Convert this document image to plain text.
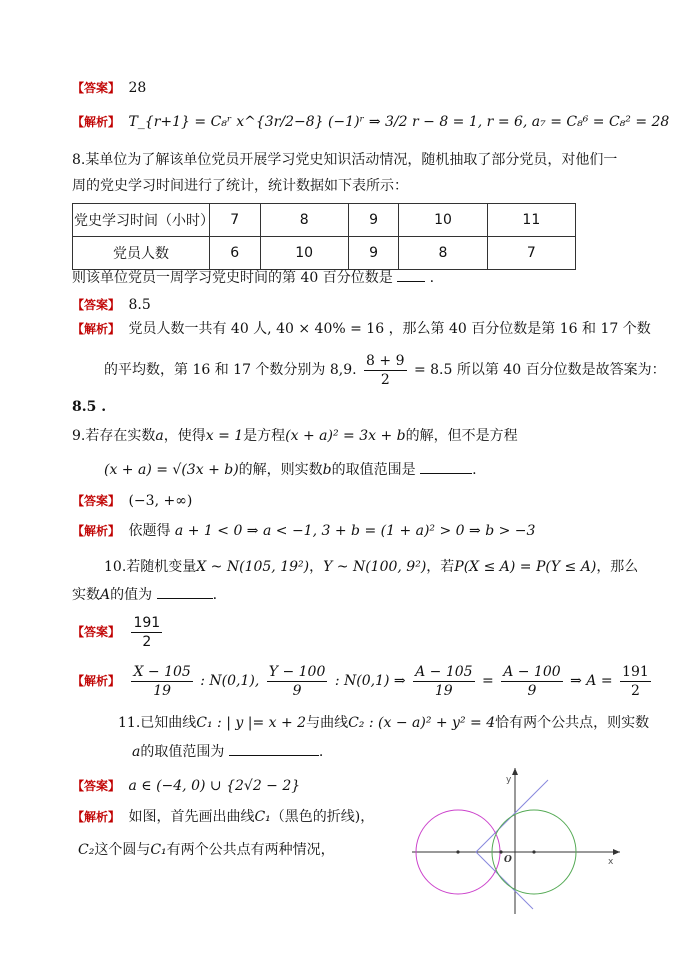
【答案】 28
【解析】 T_{r+1} = C₈ʳ x^{3r/2−8} (−1)ʳ ⇒ 3/2 r − 8 = 1, r = 6, a₇ = C₈⁶ = C₈² = 28
8.某单位为了解该单位党员开展学习党史知识活动情况，随机抽取了部分党员，对他们一
周的党史学习时间进行了统计，统计数据如下表所示：
党史学习时间（小时）	7	8	9	10	11
党员人数	6	10	9	8	7
则该单位党员一周学习党史时间的第 40 百分位数是	.
【答案】 8.5
【解析】 党员人数一共有 40 人, 40 × 40% = 16 ，那么第 40 百分位数是第 16 和 17 个数
的平均数，第 16 和 17 个数分别为 8,9. $\frac{8 + 9}{2} = 8.5$ 所以第 40 百分位数是故答案为：
8.5 .
9.若存在实数a，使得x = 1是方程(x + a)² = 3x + b的解，但不是方程
(x + a) = √(3x + b)的解，则实数b的取值范围是	.
【答案】 (−3, +∞)
【解析】 依题得 a + 1 < 0 ⇒ a < −1, 3 + b = (1 + a)² > 0 ⇒ b > −3
10.若随机变量X ~ N(105, 19²)，Y ~ N(100, 9²)，若P(X ≤ A) = P(Y ≤ A)，那么
实数A的值为	.
【答案】 $\frac{191}{2}$
【解析】 $\frac{X - 105}{19}$ : N(0,1), $\frac{Y - 100}{9}$ : N(0,1) ⇒ $\frac{A - 105}{19} = \frac{A - 100}{9}$ ⇒ $A = \frac{191}{2}$
11.已知曲线C₁ : | y |= x + 2与曲线C₂ : (x − a)² + y² = 4恰有两个公共点，则实数
a的取值范围为	.
【答案】 a ∈ (−4, 0) ∪ {2√2 − 2}
【解析】 如图，首先画出曲线C₁（黑色的折线)，
C₂这个圆与C₁有两个公共点有两种情况，
x
y
O
